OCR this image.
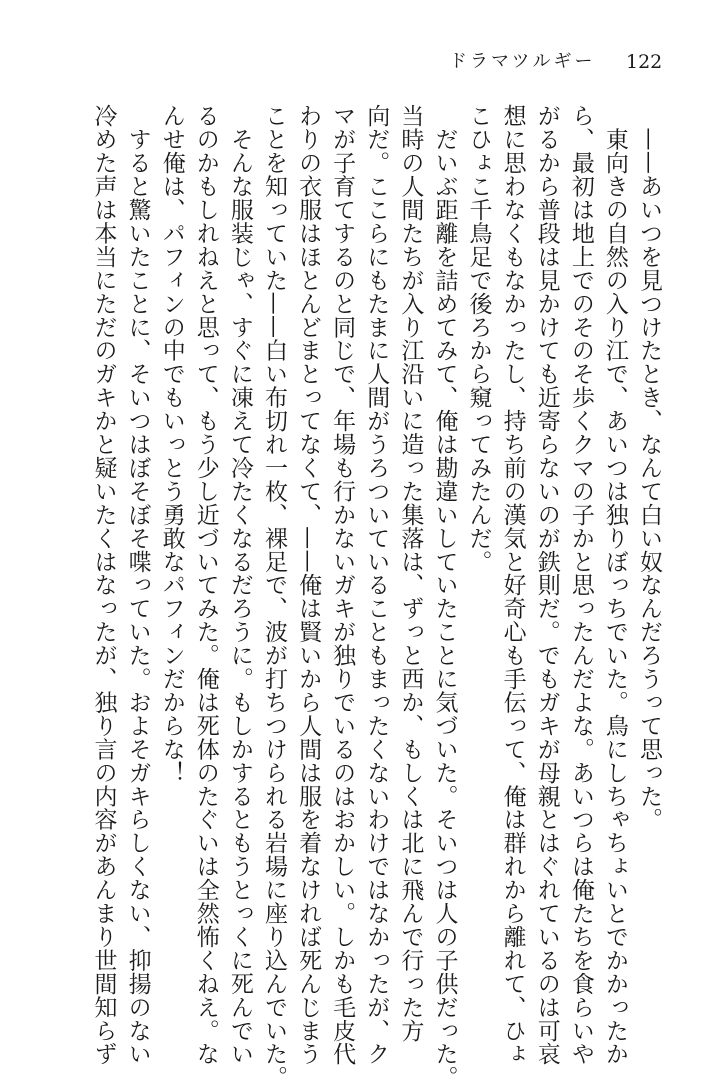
ドラマツルギー 122
　——あいつを見つけたとき、なんて白い奴なんだろうって思った。
　東向きの自然の入り江で、あいつは独りぼっちでいた。鳥にしちゃちょいとでかかったか
ら、最初は地上でのそのそ歩くクマの子かと思ったんだよな。あいつらは俺たちを食らいや
がるから普段は見かけても近寄らないのが鉄則だ。でもガキが母親とはぐれているのは可哀
想に思わなくもなかったし、持ち前の漢気と好奇心も手伝って、俺は群れから離れて、ひょ
こひょこ千鳥足で後ろから窺ってみたんだ。
　だいぶ距離を詰めてみて、俺は勘違いしていたことに気づいた。そいつは人の子供だった。
当時の人間たちが入り江沿いに造った集落は、ずっと西か、もしくは北に飛んで行った方
向だ。ここらにもたまに人間がうろついていることもまったくないわけではなかったが、ク
マが子育てするのと同じで、年場も行かないガキが独りでいるのはおかしい。しかも毛皮代
わりの衣服はほとんどまとってなくて、——俺は賢いから人間は服を着なければ死んじまう
ことを知っていた——白い布切れ一枚、裸足で、波が打ちつけられる岩場に座り込んでいた。
　そんな服装じゃ、すぐに凍えて冷たくなるだろうに。もしかするともうとっくに死んでい
るのかもしれねえと思って、もう少し近づいてみた。俺は死体のたぐいは全然怖くねえ。な
んせ俺は、パフィンの中でもいっとう勇敢なパフィンだからな！
　すると驚いたことに、そいつはぼそぼそ喋っていた。およそガキらしくない、抑揚のない
冷めた声は本当にただのガキかと疑いたくはなったが、独り言の内容があんまり世間知らず
